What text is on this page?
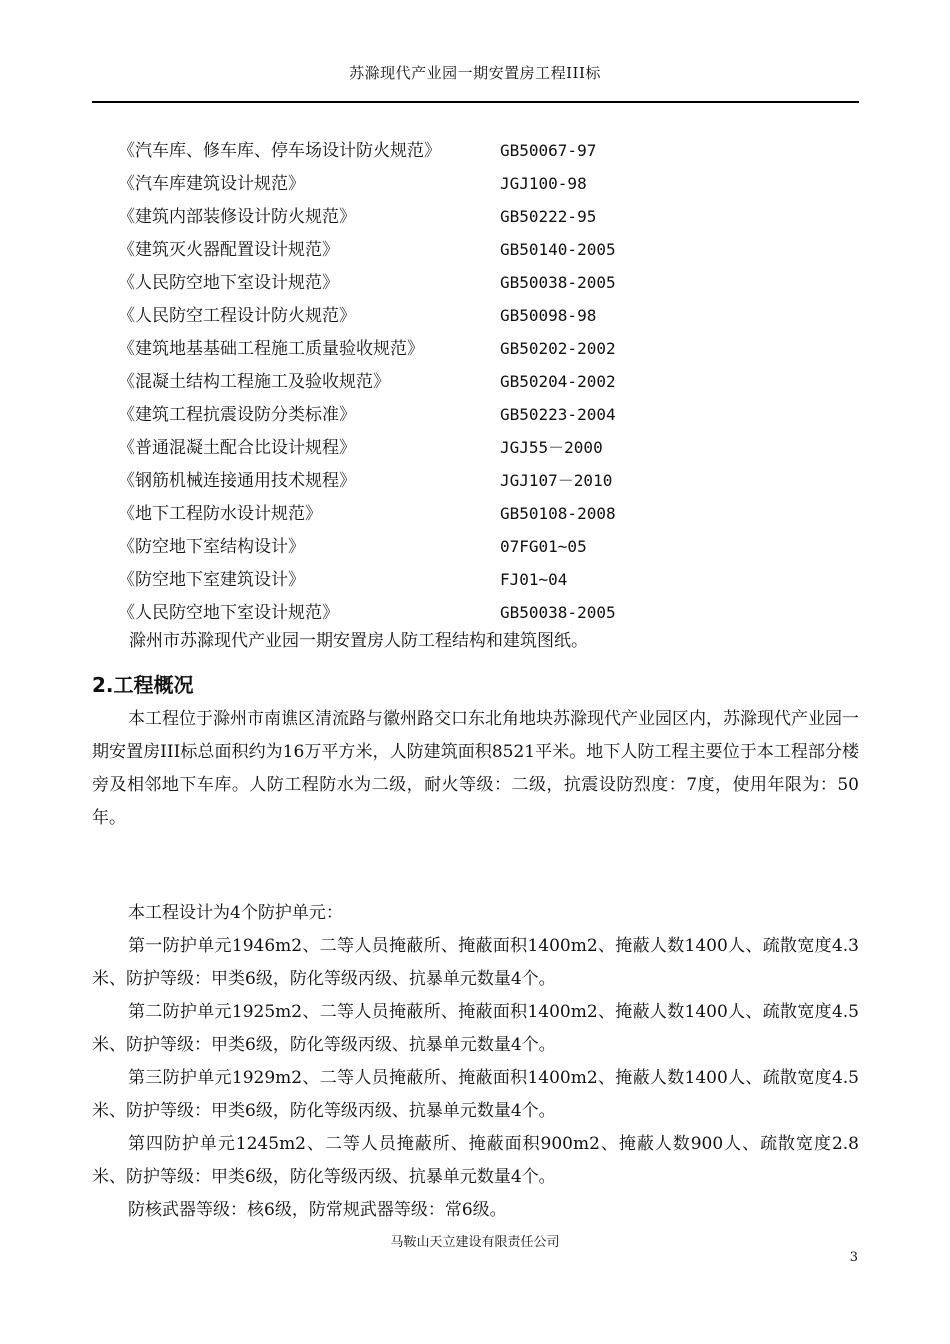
苏滁现代产业园一期安置房工程III标
《汽车库、修车库、停车场设计防火规范》	GB50067-97
《汽车库建筑设计规范》	JGJ100-98
《建筑内部装修设计防火规范》	GB50222-95
《建筑灭火器配置设计规范》	GB50140-2005
《人民防空地下室设计规范》	GB50038-2005
《人民防空工程设计防火规范》	GB50098-98
《建筑地基基础工程施工质量验收规范》	GB50202-2002
《混凝土结构工程施工及验收规范》	GB50204-2002
《建筑工程抗震设防分类标准》	GB50223-2004
《普通混凝土配合比设计规程》	JGJ55－2000
《钢筋机械连接通用技术规程》	JGJ107－2010
《地下工程防水设计规范》	GB50108-2008
《防空地下室结构设计》	07FG01~05
《防空地下室建筑设计》	FJ01~04
《人民防空地下室设计规范》	GB50038-2005
滁州市苏滁现代产业园一期安置房人防工程结构和建筑图纸。
2.工程概况

本工程位于滁州市南谯区清流路与徽州路交口东北角地块苏滁现代产业园区内，苏滁现代产业园一期安置房III标总面积约为16万平方米，人防建筑面积8521平米。地下人防工程主要位于本工程部分楼旁及相邻地下车库。人防工程防水为二级，耐火等级：二级，抗震设防烈度：7度，使用年限为：50年。

本工程设计为4个防护单元：

第一防护单元1946m2、二等人员掩蔽所、掩蔽面积1400m2、掩蔽人数1400人、疏散宽度4.3米、防护等级：甲类6级，防化等级丙级、抗暴单元数量4个。

第二防护单元1925m2、二等人员掩蔽所、掩蔽面积1400m2、掩蔽人数1400人、疏散宽度4.5米、防护等级：甲类6级，防化等级丙级、抗暴单元数量4个。

第三防护单元1929m2、二等人员掩蔽所、掩蔽面积1400m2、掩蔽人数1400人、疏散宽度4.5米、防护等级：甲类6级，防化等级丙级、抗暴单元数量4个。

第四防护单元1245m2、二等人员掩蔽所、掩蔽面积900m2、掩蔽人数900人、疏散宽度2.8米、防护等级：甲类6级，防化等级丙级、抗暴单元数量4个。

防核武器等级：核6级，防常规武器等级：常6级。

马鞍山天立建设有限责任公司
3
